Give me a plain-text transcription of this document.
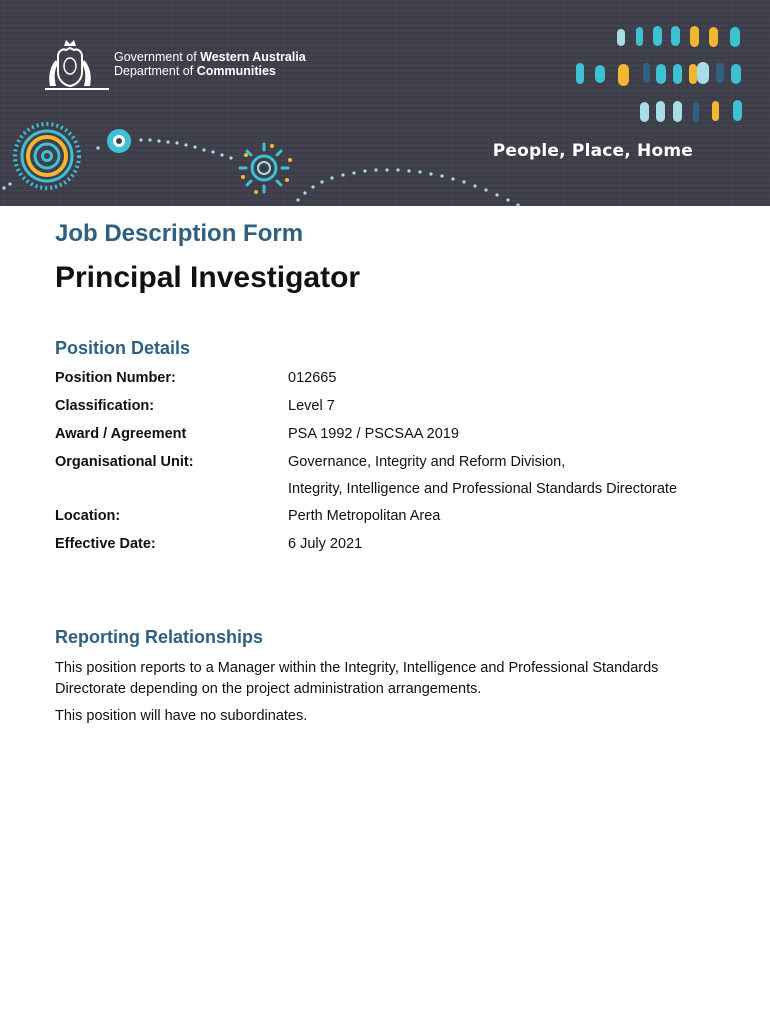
Government of Western Australia
Department of Communities
People, Place, Home
Job Description Form
Principal Investigator
Position Details
Position Number:	012665
Classification:	Level 7
Award / Agreement	PSA 1992 / PSCSAA 2019
Organisational Unit:	Governance, Integrity and Reform Division,
Integrity, Intelligence and Professional Standards Directorate
Location:	Perth Metropolitan Area
Effective Date:	6 July 2021
Reporting Relationships
This position reports to a Manager within the Integrity, Intelligence and Professional Standards Directorate depending on the project administration arrangements.
This position will have no subordinates.
